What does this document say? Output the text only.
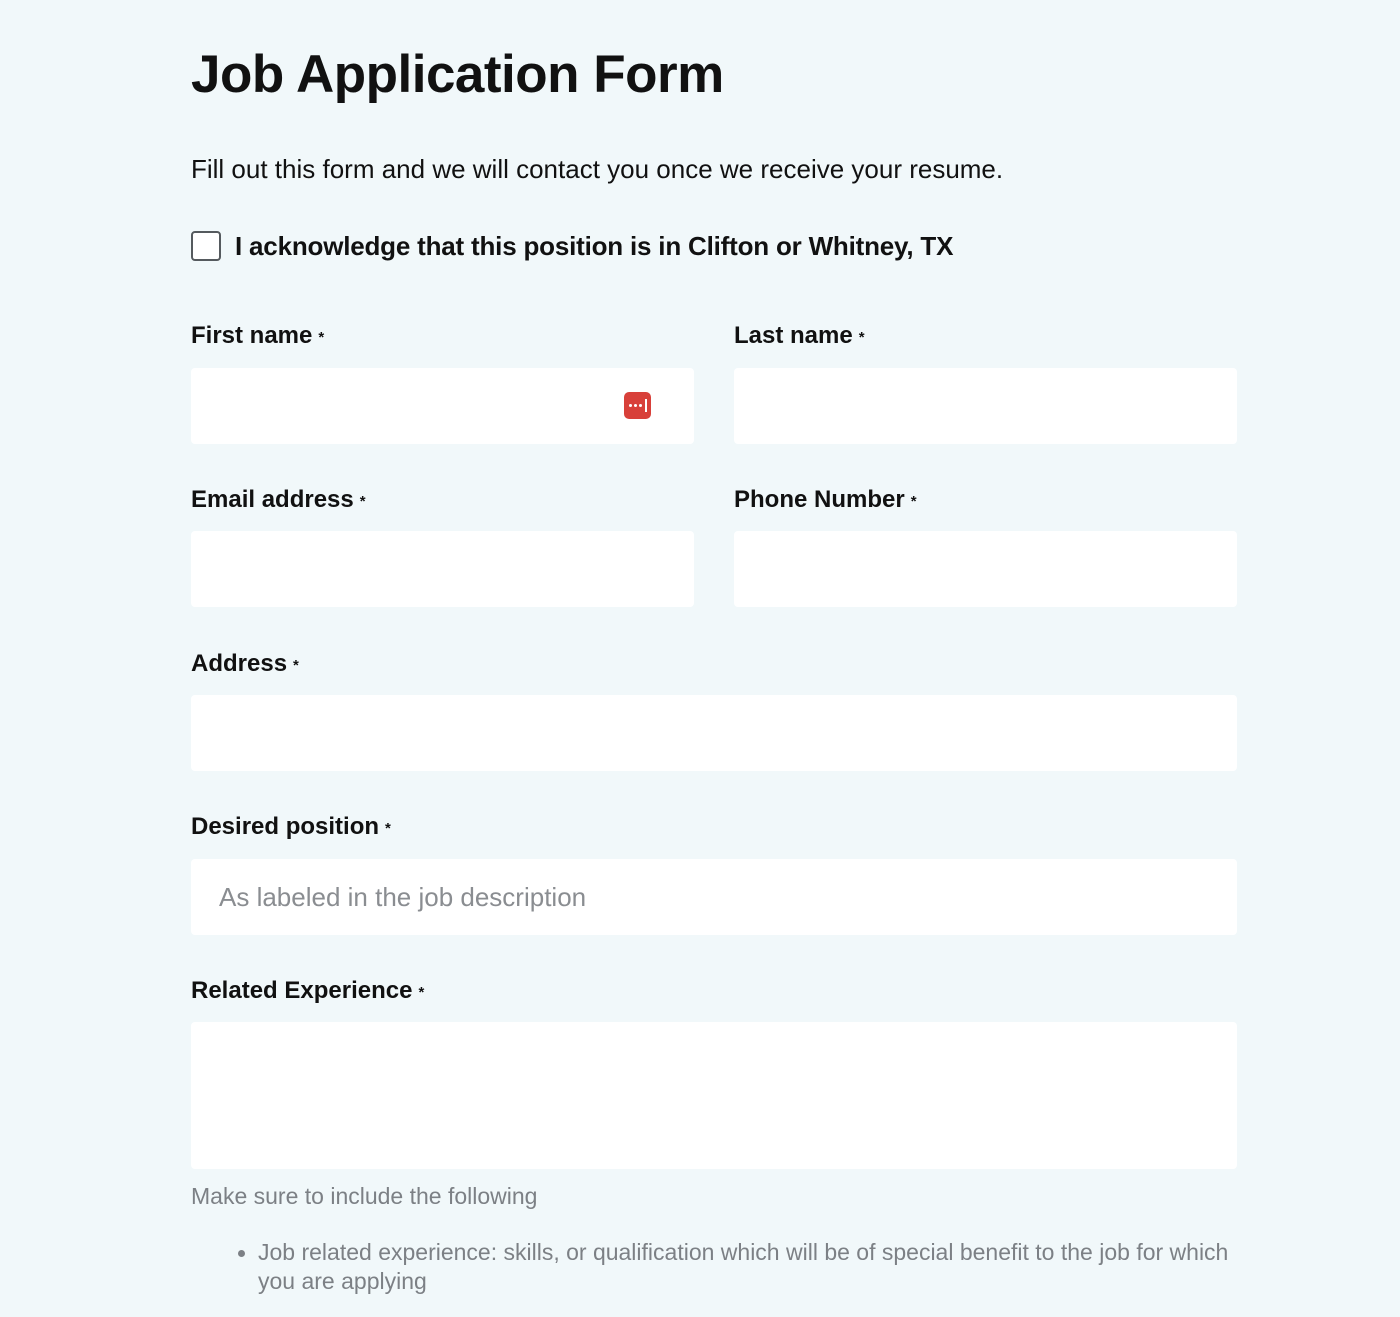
Job Application Form

Fill out this form and we will contact you once we receive your resume.

I acknowledge that this position is in Clifton or Whitney, TX
First name *	Last name *
Email address *	Phone Number *
Address *
Desired position *
As labeled in the job description
Related Experience *

Make sure to include the following

Job related experience: skills, or qualification which will be of special benefit to the job for which you are applying
